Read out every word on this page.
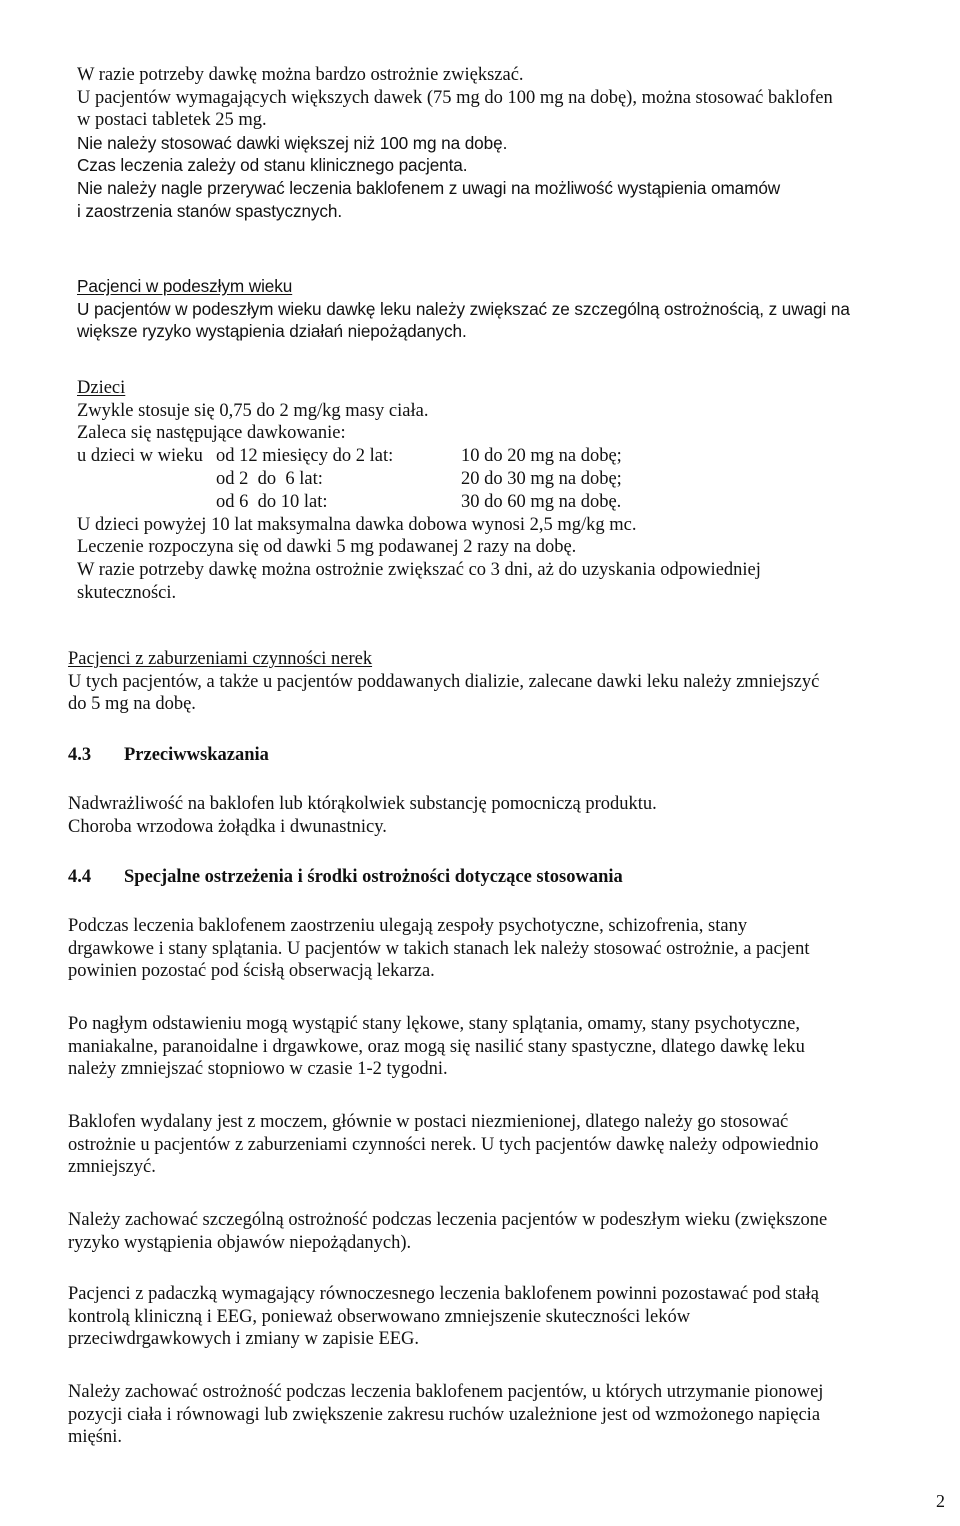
W razie potrzeby dawkę można bardzo ostrożnie zwiększać.
U pacjentów wymagających większych dawek (75 mg do 100 mg na dobę), można stosować baklofen
w postaci tabletek 25 mg.
Nie należy stosować dawki większej niż 100 mg na dobę.
Czas leczenia zależy od stanu klinicznego pacjenta.
Nie należy nagle przerywać leczenia baklofenem z uwagi na możliwość wystąpienia omamów
i zaostrzenia stanów spastycznych.
Pacjenci w podeszłym wieku
U pacjentów w podeszłym wieku dawkę leku należy zwiększać ze szczególną ostrożnością, z uwagi na
większe ryzyko wystąpienia działań niepożądanych.
Dzieci
Zwykle stosuje się 0,75 do 2 mg/kg masy ciała.
Zaleca się następujące dawkowanie:
u dzieci w wieku od 12 miesięcy do 2 lat:	10 do 20 mg na dobę;
od 2  do  6 lat:	20 do 30 mg na dobę;
od 6  do 10 lat:	30 do 60 mg na dobę.
U dzieci powyżej 10 lat maksymalna dawka dobowa wynosi 2,5 mg/kg mc.
Leczenie rozpoczyna się od dawki 5 mg podawanej 2 razy na dobę.
W razie potrzeby dawkę można ostrożnie zwiększać co 3 dni, aż do uzyskania odpowiedniej
skuteczności.
Pacjenci z zaburzeniami czynności nerek
U tych pacjentów, a także u pacjentów poddawanych dializie, zalecane dawki leku należy zmniejszyć
do 5 mg na dobę.
4.3 Przeciwwskazania
Nadwrażliwość na baklofen lub którąkolwiek substancję pomocniczą produktu.
Choroba wrzodowa żołądka i dwunastnicy.
4.4 Specjalne ostrzeżenia i środki ostrożności dotyczące stosowania
Podczas leczenia baklofenem zaostrzeniu ulegają zespoły psychotyczne, schizofrenia, stany
drgawkowe i stany splątania. U pacjentów w takich stanach lek należy stosować ostrożnie, a pacjent
powinien pozostać pod ścisłą obserwacją lekarza.
Po nagłym odstawieniu mogą wystąpić stany lękowe, stany splątania, omamy, stany psychotyczne,
maniakalne, paranoidalne i drgawkowe, oraz mogą się nasilić stany spastyczne, dlatego dawkę leku
należy zmniejszać stopniowo w czasie 1-2 tygodni.
Baklofen wydalany jest z moczem, głównie w postaci niezmienionej, dlatego należy go stosować
ostrożnie u pacjentów z zaburzeniami czynności nerek. U tych pacjentów dawkę należy odpowiednio
zmniejszyć.
Należy zachować szczególną ostrożność podczas leczenia pacjentów w podeszłym wieku (zwiększone
ryzyko wystąpienia objawów niepożądanych).
Pacjenci z padaczką wymagający równoczesnego leczenia baklofenem powinni pozostawać pod stałą
kontrolą kliniczną i EEG, ponieważ obserwowano zmniejszenie skuteczności leków
przeciwdrgawkowych i zmiany w zapisie EEG.
Należy zachować ostrożność podczas leczenia baklofenem pacjentów, u których utrzymanie pionowej
pozycji ciała i równowagi lub zwiększenie zakresu ruchów uzależnione jest od wzmożonego napięcia
mięśni.
2
